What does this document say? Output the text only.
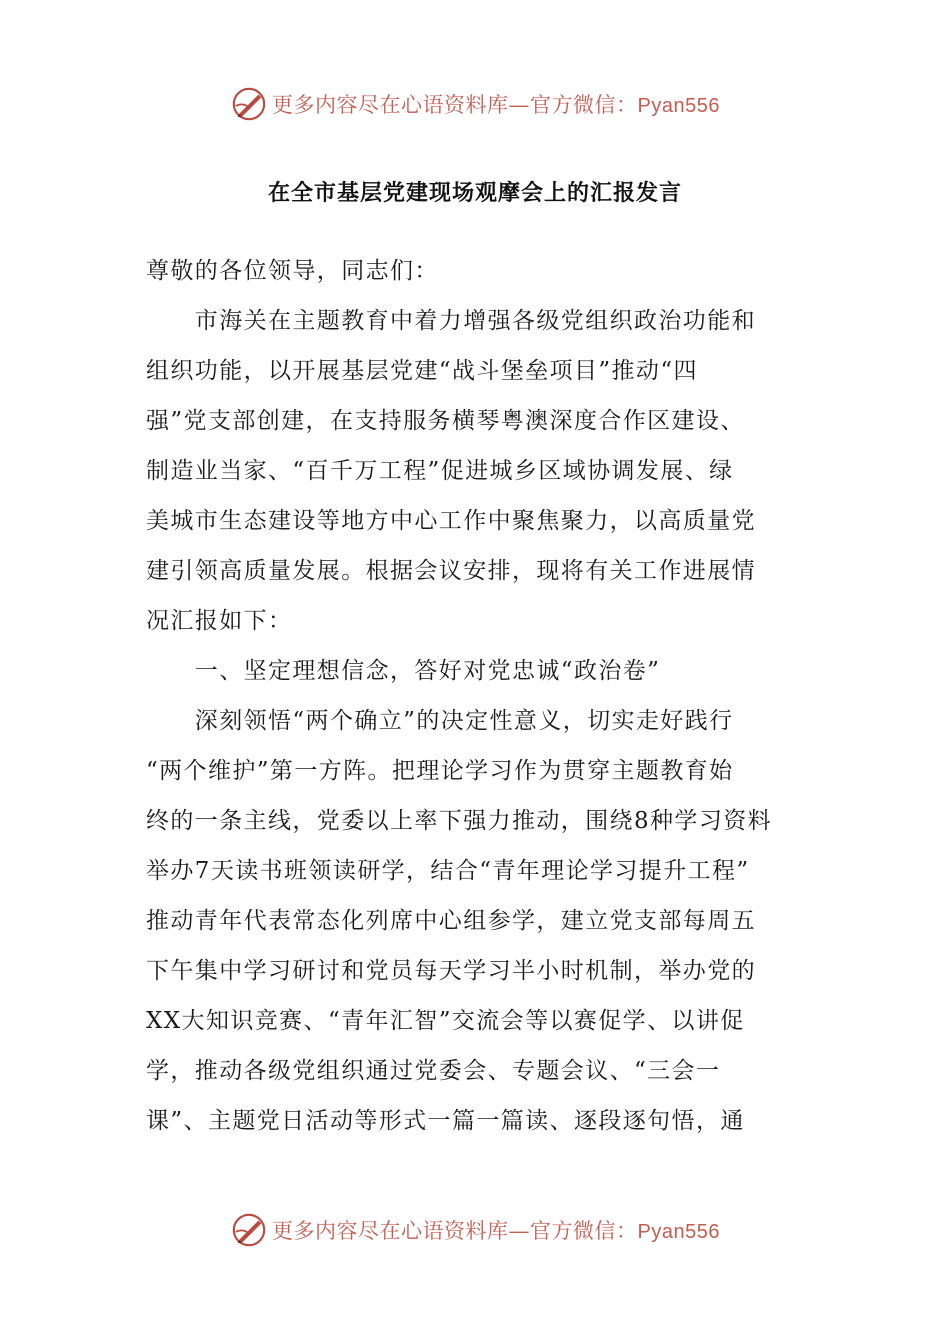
更多内容尽在心语资料库—官方微信：Pyan556
在全市基层党建现场观摩会上的汇报发言
尊敬的各位领导，同志们：
　　市海关在主题教育中着力增强各级党组织政治功能和
组织功能，以开展基层党建“战斗堡垒项目”推动“四
强”党支部创建，在支持服务横琴粤澳深度合作区建设、
制造业当家、“百千万工程”促进城乡区域协调发展、绿
美城市生态建设等地方中心工作中聚焦聚力，以高质量党
建引领高质量发展。根据会议安排，现将有关工作进展情
况汇报如下：
　　一、坚定理想信念，答好对党忠诚“政治卷”
　　深刻领悟“两个确立”的决定性意义，切实走好践行
“两个维护”第一方阵。把理论学习作为贯穿主题教育始
终的一条主线，党委以上率下强力推动，围绕8种学习资料
举办7天读书班领读研学，结合“青年理论学习提升工程”
推动青年代表常态化列席中心组参学，建立党支部每周五
下午集中学习研讨和党员每天学习半小时机制，举办党的
XX大知识竞赛、“青年汇智”交流会等以赛促学、以讲促
学，推动各级党组织通过党委会、专题会议、“三会一
课”、主题党日活动等形式一篇一篇读、逐段逐句悟，通
更多内容尽在心语资料库—官方微信：Pyan556
